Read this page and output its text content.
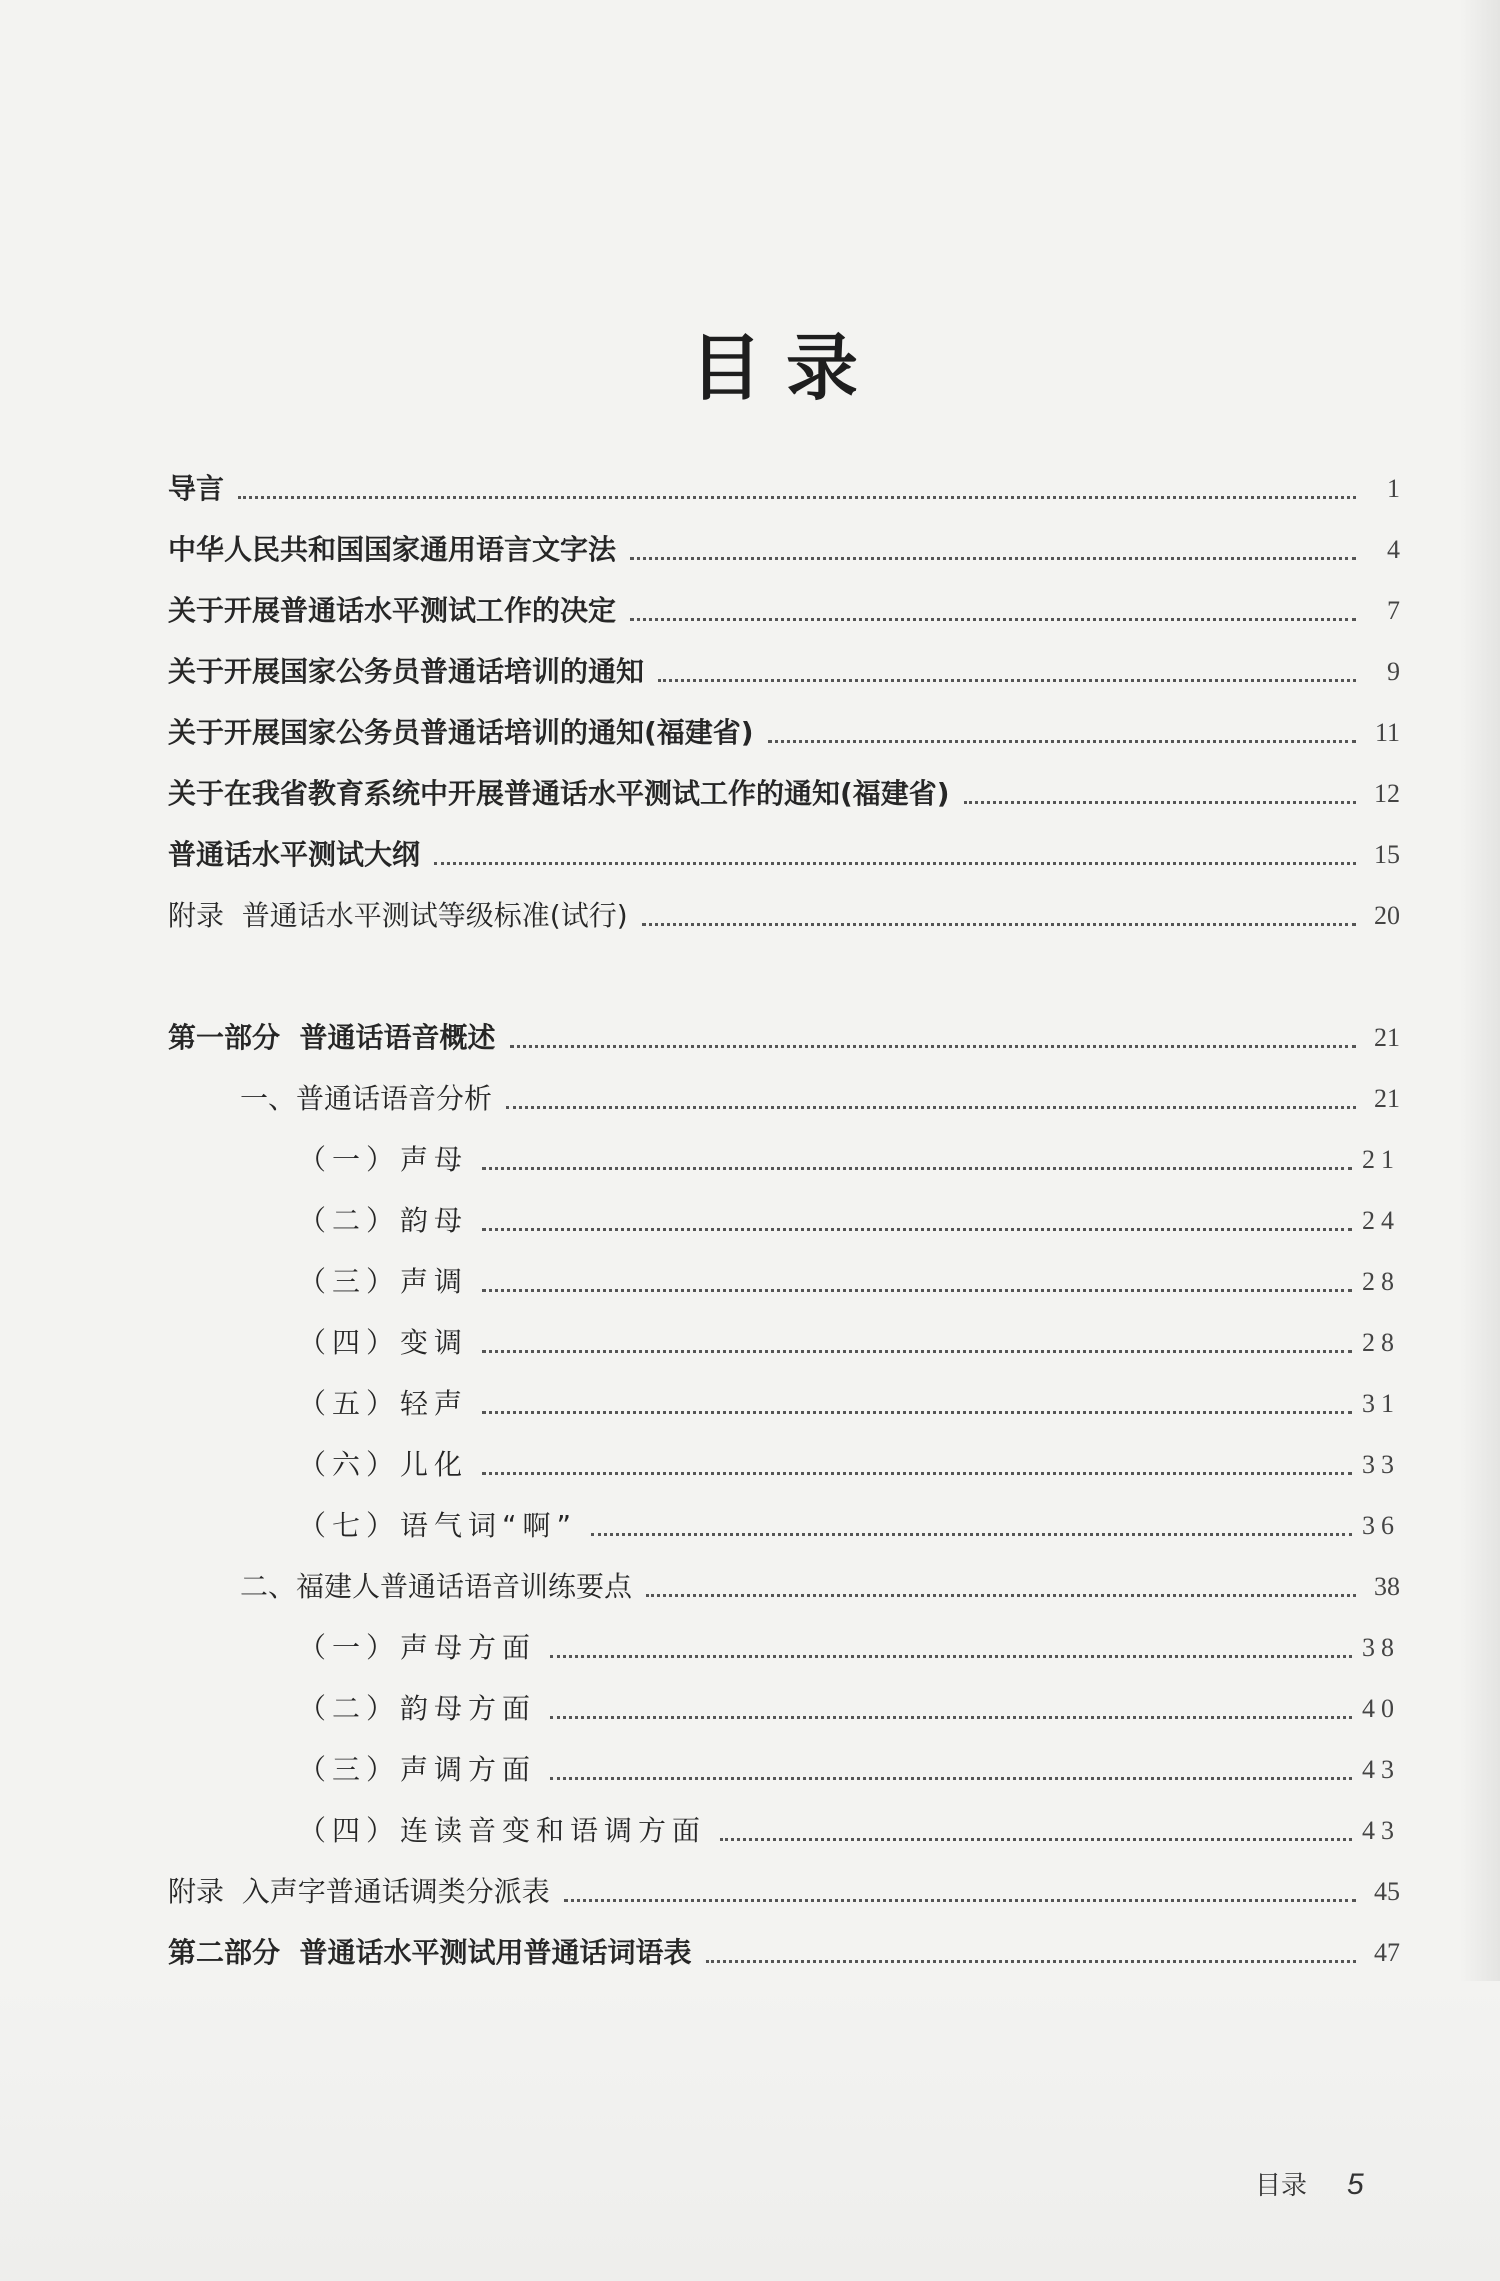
目录
导言	1
中华人民共和国国家通用语言文字法	4
关于开展普通话水平测试工作的决定	7
关于开展国家公务员普通话培训的通知	9
关于开展国家公务员普通话培训的通知(福建省)	11
关于在我省教育系统中开展普通话水平测试工作的通知(福建省)	12
普通话水平测试大纲	15
附录  普通话水平测试等级标准(试行)	20
第一部分  普通话语音概述	21
一、普通话语音分析	21
（一）声母	21
（二）韵母	24
（三）声调	28
（四）变调	28
（五）轻声	31
（六）儿化	33
（七）语气词“啊”	36
二、福建人普通话语音训练要点	38
（一）声母方面	38
（二）韵母方面	40
（三）声调方面	43
（四）连读音变和语调方面	43
附录  入声字普通话调类分派表	45
第二部分  普通话水平测试用普通话词语表	47
目录 5
